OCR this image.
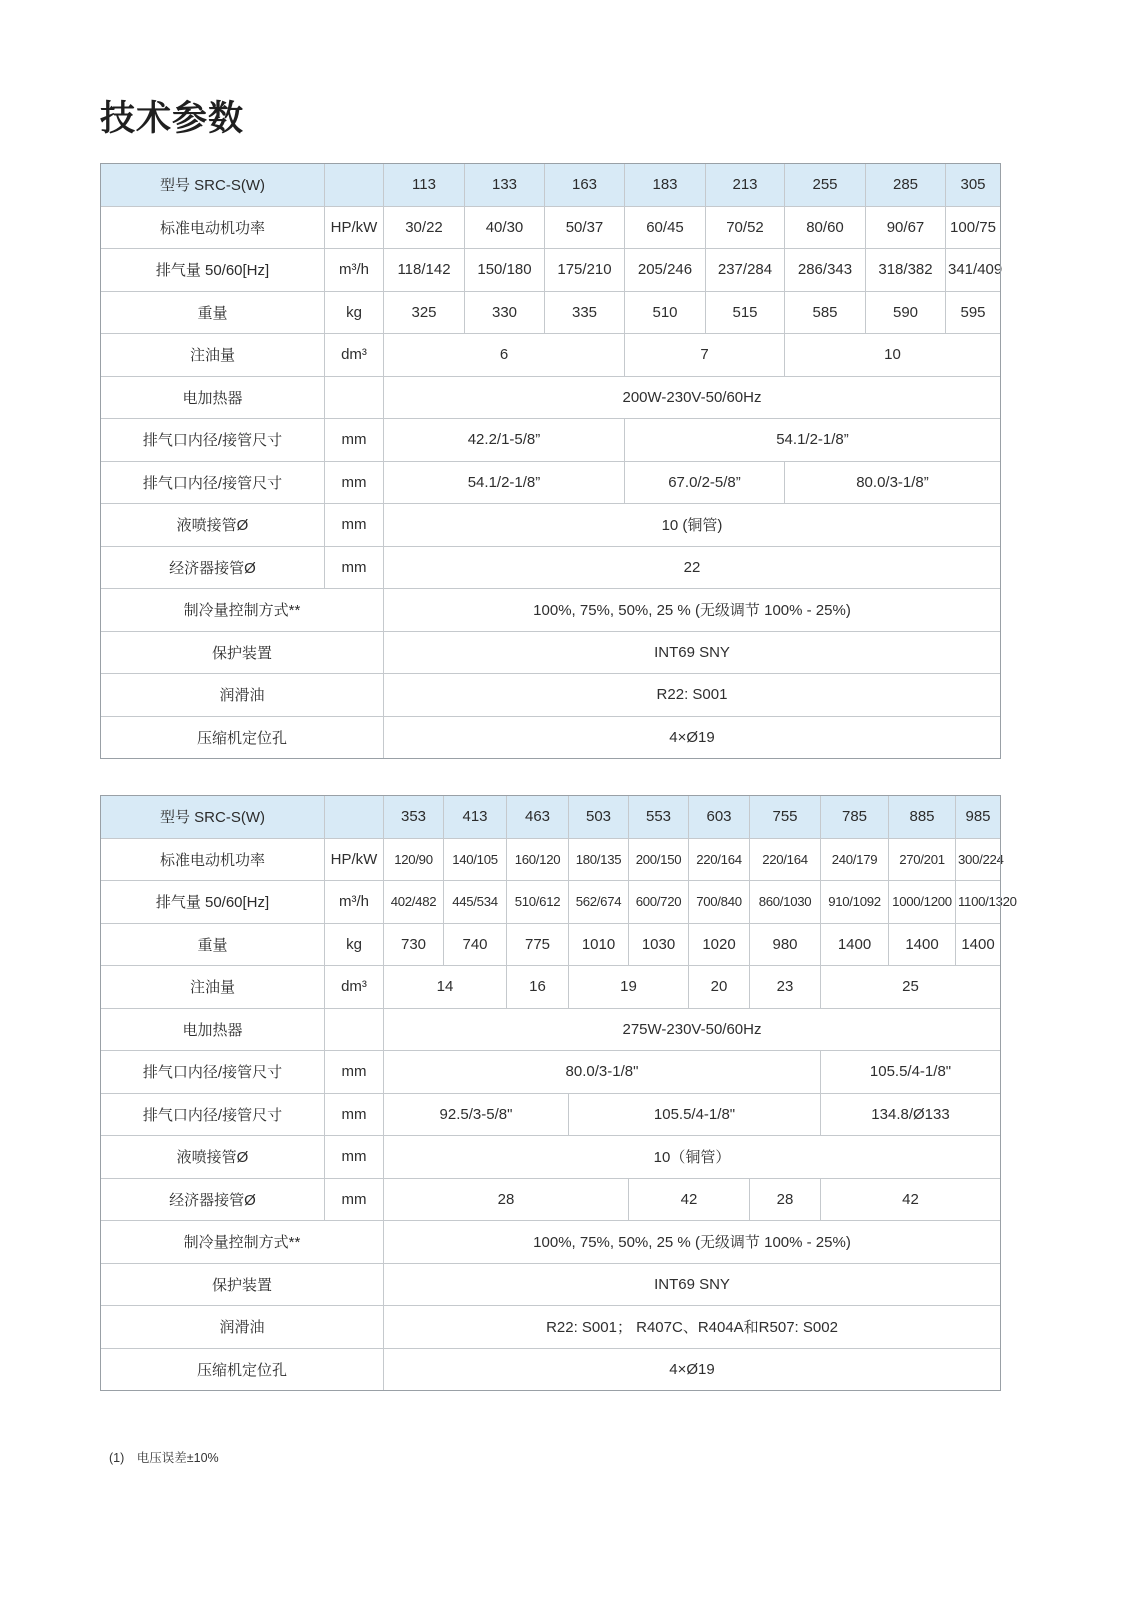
技术参数
型号 SRC-S(W)		113	133	163	183	213	255	285	305
标准电动机功率	HP/kW	30/22	40/30	50/37	60/45	70/52	80/60	90/67	100/75
排气量 50/60[Hz]	m³/h	118/142	150/180	175/210	205/246	237/284	286/343	318/382	341/409
重量	kg	325	330	335	510	515	585	590	595
注油量	dm³	6			7		10		
电加热器		200W-230V-50/60Hz							
排气口内径/接管尺寸	mm	42.2/1-5/8”			54.1/2-1/8”				
排气口内径/接管尺寸	mm	54.1/2-1/8”			67.0/2-5/8”		80.0/3-1/8”		
液喷接管Ø	mm	10 (铜管)							
经济器接管Ø	mm	22							
制冷量控制方式**		100%, 75%, 50%, 25 % (无级调节 100% - 25%)							
保护装置		INT69 SNY							
润滑油		R22: S001							
压缩机定位孔		4×Ø19							
型号 SRC-S(W)		353	413	463	503	553	603	755	785	885	985
标准电动机功率	HP/kW	120/90	140/105	160/120	180/135	200/150	220/164	220/164	240/179	270/201	300/224
排气量 50/60[Hz]	m³/h	402/482	445/534	510/612	562/674	600/720	700/840	860/1030	910/1092	1000/1200	1100/1320
重量	kg	730	740	775	1010	1030	1020	980	1400	1400	1400
注油量	dm³	14		16	19		20	23	25		
电加热器		275W-230V-50/60Hz									
排气口内径/接管尺寸	mm	80.0/3-1/8"							105.5/4-1/8"		
排气口内径/接管尺寸	mm	92.5/3-5/8"			105.5/4-1/8"				134.8/Ø133		
液喷接管Ø	mm	10（铜管）									
经济器接管Ø	mm	28				42		28	42		
制冷量控制方式**		100%, 75%, 50%, 25 % (无级调节 100% - 25%)									
保护装置		INT69 SNY									
润滑油		R22: S001； R407C、R404A和R507: S002									
压缩机定位孔		4×Ø19									
(1)　电压误差±10%
